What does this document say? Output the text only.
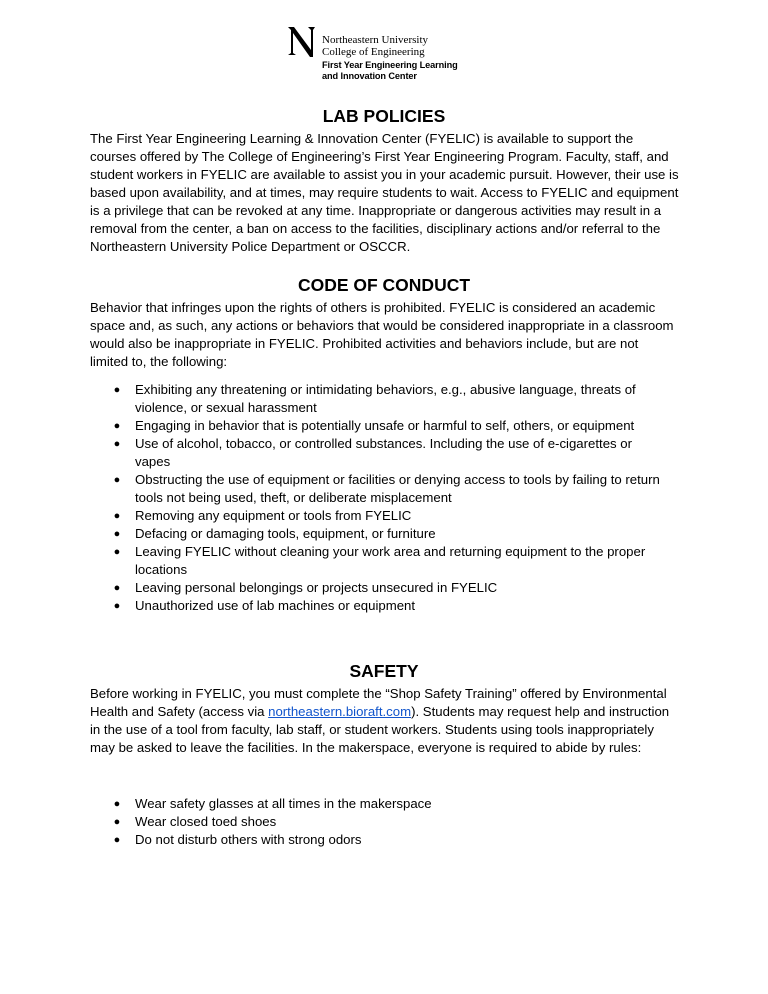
Northeastern University
College of Engineering
First Year Engineering Learning
and Innovation Center
LAB POLICIES

The First Year Engineering Learning & Innovation Center (FYELIC) is available to support the courses offered by The College of Engineering’s First Year Engineering Program. Faculty, staff, and student workers in FYELIC are available to assist you in your academic pursuit. However, their use is based upon availability, and at times, may require students to wait. Access to FYELIC and equipment is a privilege that can be revoked at any time. Inappropriate or dangerous activities may result in a removal from the center, a ban on access to the facilities, disciplinary actions and/or referral to the Northeastern University Police Department or OSCCR.

CODE OF CONDUCT

Behavior that infringes upon the rights of others is prohibited. FYELIC is considered an academic space and, as such, any actions or behaviors that would be considered inappropriate in a classroom would also be inappropriate in FYELIC. Prohibited activities and behaviors include, but are not limited to, the following:

● Exhibiting any threatening or intimidating behaviors, e.g., abusive language, threats of violence, or sexual harassment
● Engaging in behavior that is potentially unsafe or harmful to self, others, or equipment
● Use of alcohol, tobacco, or controlled substances. Including the use of e-cigarettes or vapes
● Obstructing the use of equipment or facilities or denying access to tools by failing to return tools not being used, theft, or deliberate misplacement
● Removing any equipment or tools from FYELIC
● Defacing or damaging tools, equipment, or furniture
● Leaving FYELIC without cleaning your work area and returning equipment to the proper locations
● Leaving personal belongings or projects unsecured in FYELIC
● Unauthorized use of lab machines or equipment
SAFETY

Before working in FYELIC, you must complete the “Shop Safety Training” offered by Environmental Health and Safety (access via northeastern.bioraft.com). Students may request help and instruction in the use of a tool from faculty, lab staff, or student workers. Students using tools inappropriately may be asked to leave the facilities. In the makerspace, everyone is required to abide by rules:

● Wear safety glasses at all times in the makerspace
● Wear closed toed shoes
● Do not disturb others with strong odors
